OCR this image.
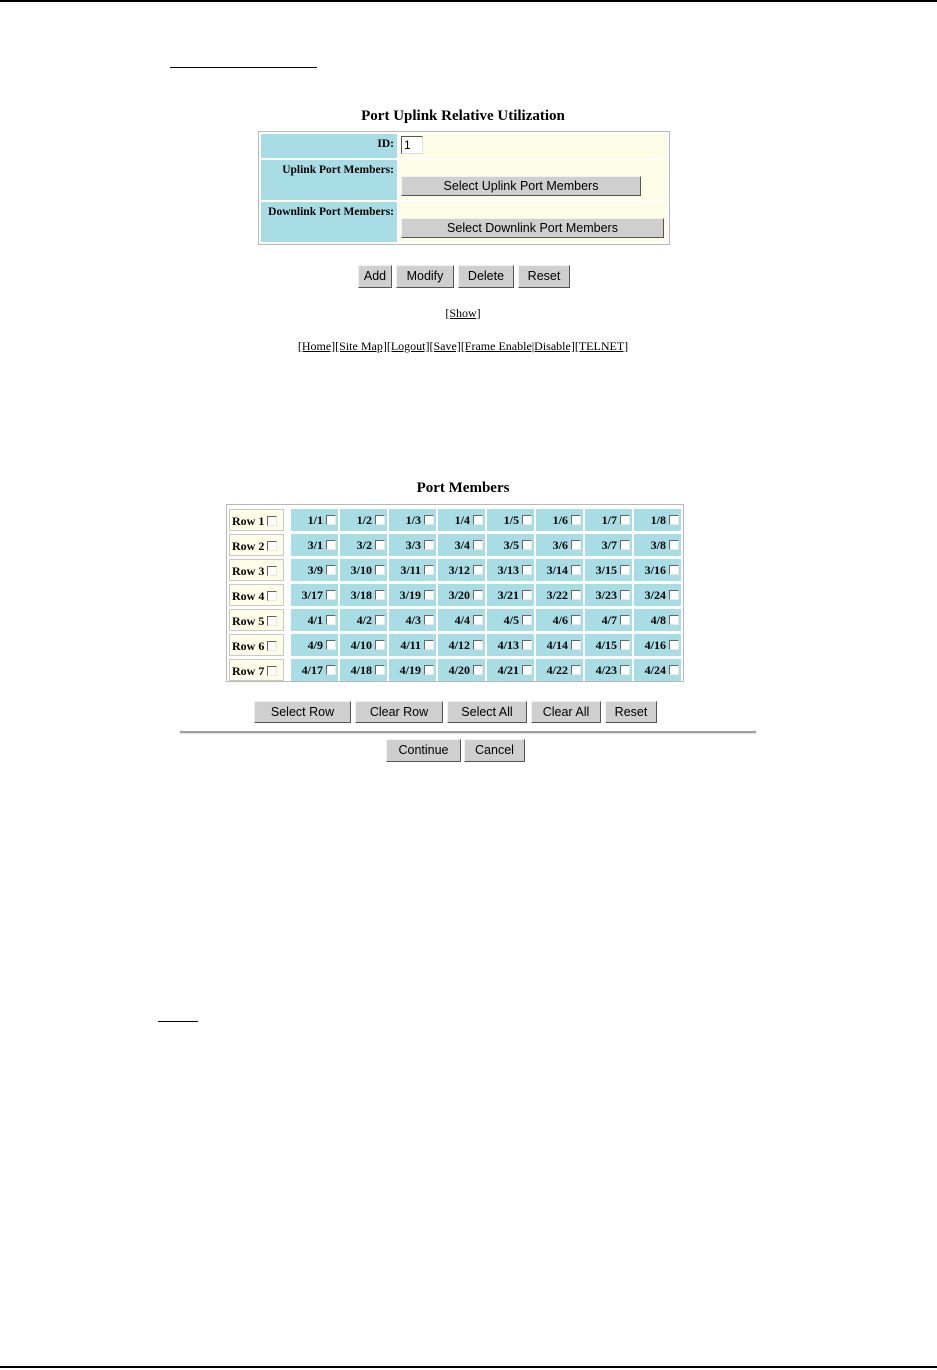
Port Uplink Relative Utilization
ID:
1
Uplink Port Members:
Select Uplink Port Members
Downlink Port Members:
Select Downlink Port Members
Add	Modify	Delete	Reset
[Show]
[Home][Site Map][Logout][Save][Frame Enable|Disable][TELNET]
Port Members
Row 1	1/1	1/2	1/3	1/4	1/5	1/6	1/7	1/8
Row 2	3/1	3/2	3/3	3/4	3/5	3/6	3/7	3/8
Row 3	3/9	3/10	3/11	3/12	3/13	3/14	3/15	3/16
Row 4	3/17	3/18	3/19	3/20	3/21	3/22	3/23	3/24
Row 5	4/1	4/2	4/3	4/4	4/5	4/6	4/7	4/8
Row 6	4/9	4/10	4/11	4/12	4/13	4/14	4/15	4/16
Row 7	4/17	4/18	4/19	4/20	4/21	4/22	4/23	4/24
Select Row	Clear Row	Select All	Clear All	Reset
Continue	Cancel
